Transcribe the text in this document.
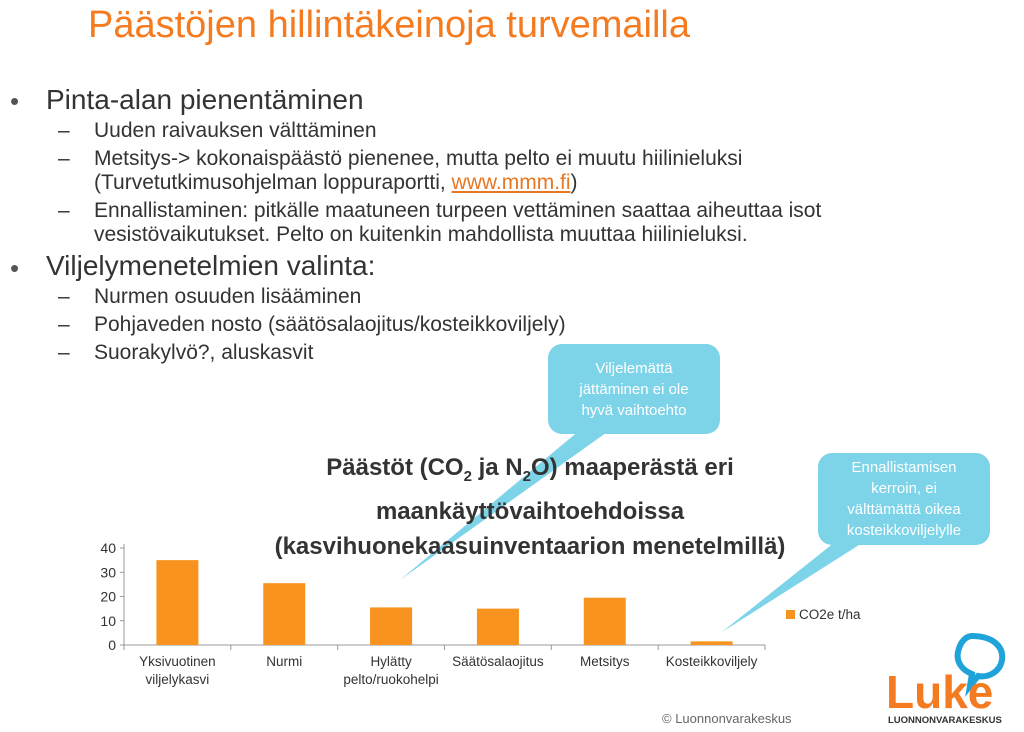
Päästöjen hillintäkeinoja turvemailla
• Pinta-alan pienentäminen
– Uuden raivauksen välttäminen
– Metsitys-> kokonaispäästö pienenee, mutta pelto ei muutu hiilinieluksi
(Turvetutkimusohjelman loppuraportti, www.mmm.fi)
– Ennallistaminen: pitkälle maatuneen turpeen vettäminen saattaa aiheuttaa isot
vesistövaikutukset. Pelto on kuitenkin mahdollista muuttaa hiilinieluksi.
• Viljelymenetelmien valinta:
– Nurmen osuuden lisääminen
– Pohjaveden nosto (säätösalaojitus/kosteikkoviljely)
– Suorakylvö?, aluskasvit
Viljelemättä
jättäminen ei ole
hyvä vaihtoehto
Ennallistamisen
kerroin, ei
välttämättä oikea
kosteikkoviljelylle
Päästöt ($CO_2$ ja $N_2O$) maaperästä eri
maankäyttövaihtoehdoissa
(kasvihuonekaasuinventaarion menetelmillä)
0
10
20
30
40
Yksivuotinen
viljelykasvi
Nurmi	Hylätty
pelto/ruokohelpi
Säätösalaojitus	Metsitys	Kosteikkoviljely
CO2e t/ha
© Luonnonvarakeskus
Luke
LUONNONVARAKESKUS
